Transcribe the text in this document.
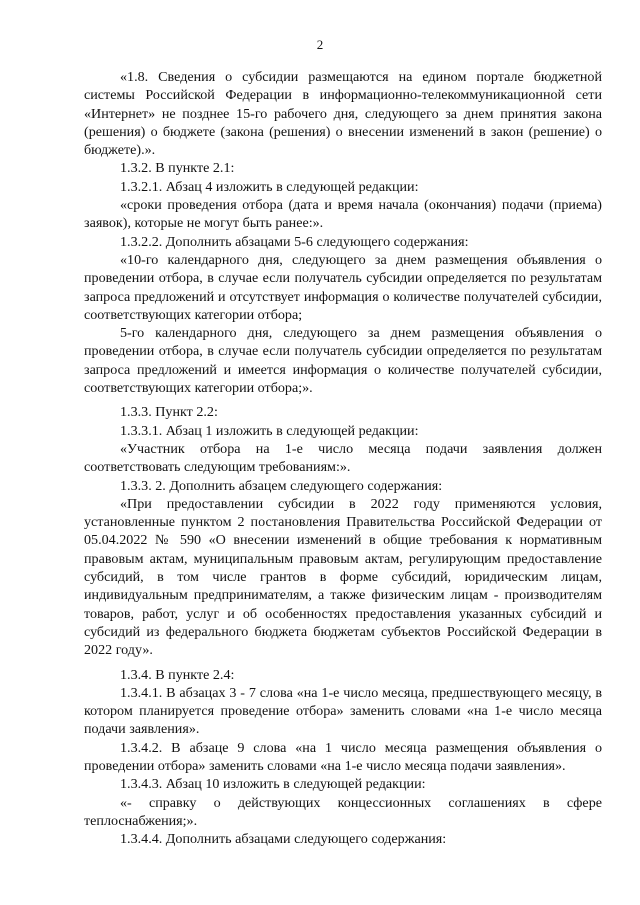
2

«1.8. Сведения о субсидии размещаются на едином портале бюджетной системы Российской Федерации в информационно-телекоммуникационной сети «Интернет» не позднее 15-го рабочего дня, следующего за днем принятия закона (решения) о бюджете (закона (решения) о внесении изменений в закон (решение) о бюджете).».

1.3.2. В пункте 2.1:

1.3.2.1. Абзац 4 изложить в следующей редакции:

«сроки проведения отбора (дата и время начала (окончания) подачи (приема) заявок), которые не могут быть ранее:».

1.3.2.2. Дополнить абзацами 5-6 следующего содержания:

«10-го календарного дня, следующего за днем размещения объявления о проведении отбора, в случае если получатель субсидии определяется по результатам запроса предложений и отсутствует информация о количестве получателей субсидии, соответствующих категории отбора;

5-го календарного дня, следующего за днем размещения объявления о проведении отбора, в случае если получатель субсидии определяется по результатам запроса предложений и имеется информация о количестве получателей субсидии, соответствующих категории отбора;».

1.3.3. Пункт 2.2:

1.3.3.1. Абзац 1 изложить в следующей редакции:

«Участник отбора на 1-е число месяца подачи заявления должен соответствовать следующим требованиям:».

1.3.3. 2. Дополнить абзацем следующего содержания:

«При предоставлении субсидии в 2022 году применяются условия, установленные пунктом 2 постановления Правительства Российской Федерации от 05.04.2022 № 590 «О внесении изменений в общие требования к нормативным правовым актам, муниципальным правовым актам, регулирующим предоставление субсидий, в том числе грантов в форме субсидий, юридическим лицам, индивидуальным предпринимателям, а также физическим лицам - производителям товаров, работ, услуг и об особенностях предоставления указанных субсидий и субсидий из федерального бюджета бюджетам субъектов Российской Федерации в 2022 году».

1.3.4. В пункте 2.4:

1.3.4.1. В абзацах 3 - 7 слова «на 1-е число месяца, предшествующего месяцу, в котором планируется проведение отбора» заменить словами «на 1-е число месяца подачи заявления».

1.3.4.2. В абзаце 9 слова «на 1 число месяца размещения объявления о проведении отбора» заменить словами «на 1-е число месяца подачи заявления».

1.3.4.3. Абзац 10 изложить в следующей редакции:

«- справку о действующих концессионных соглашениях в сфере теплоснабжения;».

1.3.4.4. Дополнить абзацами следующего содержания:
